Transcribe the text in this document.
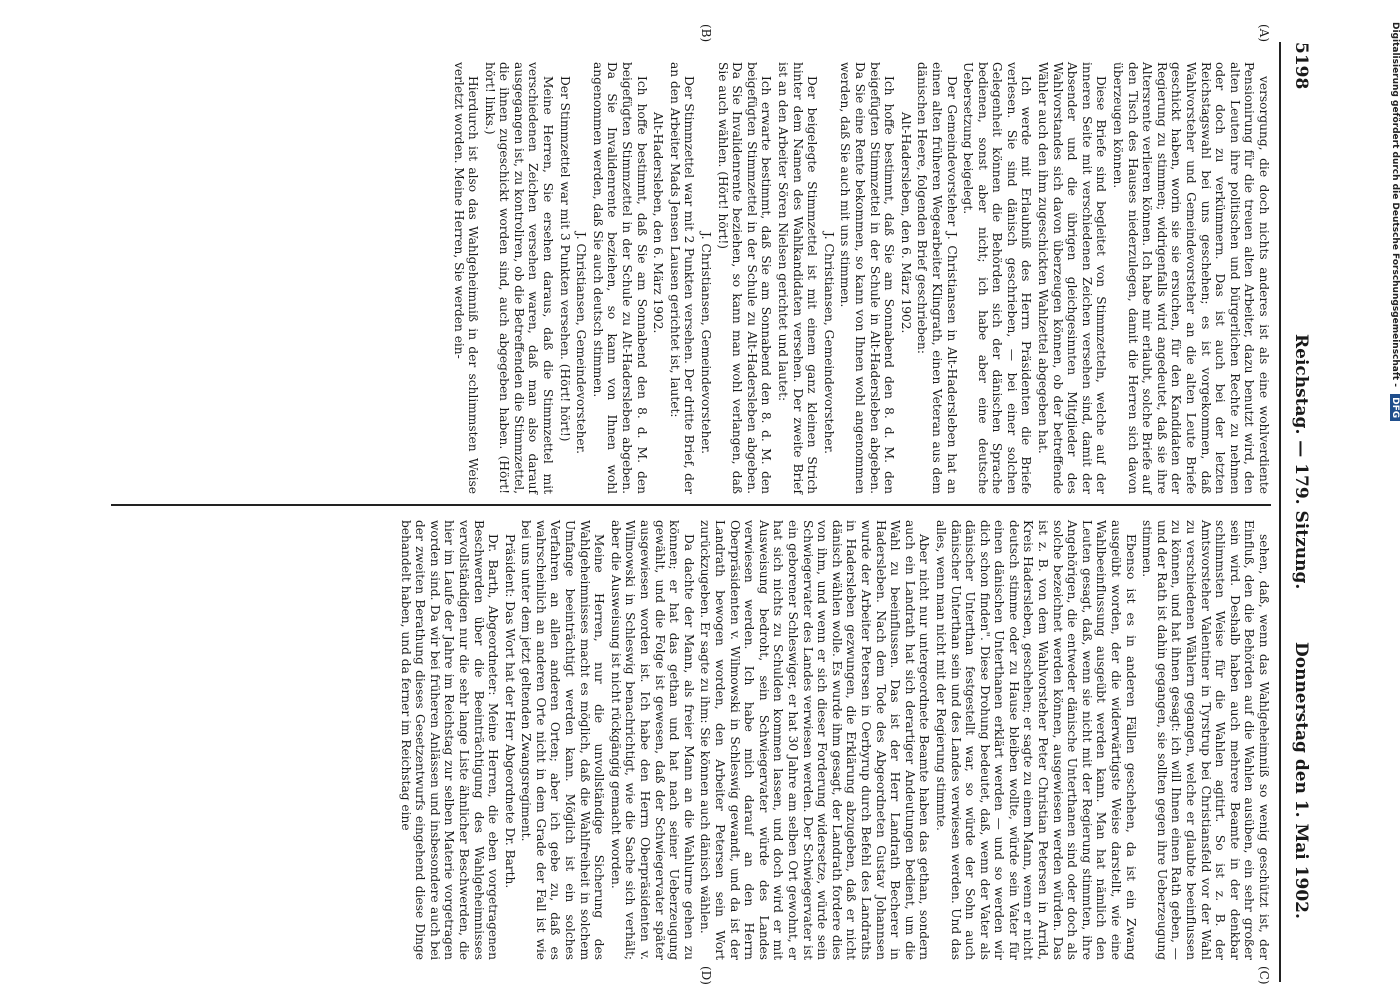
5198
Reichstag. — 179. Sitzung.
Donnerstag den 1. Mai 1902.
(A)
(B)
(C)
(D)

versorgung, die doch nichts anderes ist als eine wohlverdiente Pensionirung für die treuen alten Arbeiter, dazu benutzt wird, den alten Leuten ihre politischen und bürgerlichen Rechte zu nehmen oder doch zu verkümmern. Das ist auch bei der letzten Reichstagswahl bei uns geschehen; es ist vorgekommen, daß Wahlvorsteher und Gemeindevorsteher an die alten Leute Briefe geschickt haben, worin sie sie ersuchen, für den Kandidaten der Regierung zu stimmen; widrigenfalls wird angedeutet, daß sie ihre Altersrente verlieren können. Ich habe mir erlaubt, solche Briefe auf den Tisch des Hauses niederzulegen, damit die Herren sich davon überzeugen können.

Diese Briefe sind begleitet von Stimmzetteln, welche auf der inneren Seite mit verschiedenen Zeichen versehen sind, damit der Absender und die übrigen gleichgesinnten Mitglieder des Wahlvorstandes sich davon überzeugen können, ob der betreffende Wähler auch den ihm zugeschickten Wahlzettel abgegeben hat.

Ich werde mit Erlaubniß des Herrn Präsidenten die Briefe verlesen. Sie sind dänisch geschrieben, — bei einer solchen Gelegenheit können die Behörden sich der dänischen Sprache bedienen, sonst aber nicht; ich habe aber eine deutsche Uebersetzung beigelegt.

Der Gemeindevorsteher J. Christiansen in Alt-Hadersleben hat an einen alten früheren Wegearbeiter Klingrath, einen Veteran aus dem dänischen Heere, folgenden Brief geschrieben:

Alt-Hadersleben, den 6. März 1902.

Ich hoffe bestimmt, daß Sie am Sonnabend den 8. d. M. den beigefügten Stimmzettel in der Schule in Alt-Hadersleben abgeben. Da Sie eine Rente bekommen, so kann von Ihnen wohl angenommen werden, daß Sie auch mit uns stimmen.

J. Christiansen, Gemeindevorsteher.

Der beigelegte Stimmzettel ist mit einem ganz kleinen Strich hinter dem Namen des Wahlkandidaten versehen. Der zweite Brief ist an den Arbeiter Sören Nielsen gerichtet und lautet:

Ich erwarte bestimmt, daß Sie am Sonnabend den 8. d. M. den beigefügten Stimmzettel in der Schule zu Alt-Hadersleben abgeben. Da Sie Invalidenrente beziehen, so kann man wohl verlangen, daß Sie auch wählen. (Hört! hört!)

J. Christiansen, Gemeindevorsteher.

Der Stimmzettel war mit 2 Punkten versehen. Der dritte Brief, der an den Arbeiter Mads Jensen Lausen gerichtet ist, lautet:

Alt-Hadersleben, den 6. März 1902.

Ich hoffe bestimmt, daß Sie am Sonnabend den 8. d. M. den beigefügten Stimmzettel in der Schule zu Alt-Hadersleben abgeben. Da Sie Invalidenrente beziehen, so kann von Ihnen wohl angenommen werden, daß Sie auch deutsch stimmen.

J. Christiansen, Gemeindevorsteher.

Der Stimmzettel war mit 3 Punkten versehen. (Hört! hört!)

Meine Herren, Sie ersehen daraus, daß die Stimmzettel mit verschiedenen Zeichen versehen waren, daß man also darauf ausgegangen ist, zu kontroliren, ob die Betreffenden die Stimmzettel, die ihnen zugeschickt worden sind, auch abgegeben haben. (Hört! hört! links.)

Hierdurch ist also das Wahlgeheimniß in der schlimmsten Weise verletzt worden. Meine Herren, Sie werden ein-

sehen, daß, wenn das Wahlgeheimniß so wenig geschützt ist, der Einfluß, den die Behörden auf die Wahlen ausüben, ein sehr großer sein wird. Deshalb haben auch mehrere Beamte in der denkbar schlimmsten Weise für die Wahlen agitirt. So ist z. B. der Amtsvorsteher Valentiner in Tyrstrup bei Christiansfeld vor der Wahl zu verschiedenen Wählern gegangen, welche er glaubte beeinflussen zu können, und hat ihnen gesagt: ich will Ihnen einen Rath geben, — und der Rath ist dahin gegangen, sie sollten gegen ihre Ueberzeugung stimmen.

Ebenso ist es in anderen Fällen geschehen, da ist ein Zwang ausgeübt worden, der die widerwärtigste Weise darstellt, wie eine Wahlbeeinflussung ausgeübt werden kann. Man hat nämlich den Leuten gesagt, daß, wenn sie nicht mit der Regierung stimmten, ihre Angehörigen, die entweder dänische Unterthanen sind oder doch als solche bezeichnet werden können, ausgewiesen werden würden. Das ist z. B. von dem Wahlvorsteher Peter Christian Petersen in Arrild, Kreis Hadersleben, geschehen; er sagte zu einem Mann, wenn er nicht deutsch stimme oder zu Hause bleiben wollte, würde sein Vater für einen dänischen Unterthanen erklärt werden — und so werden wir dich schon finden". Diese Drohung bedeutet, daß, wenn der Vater als dänischer Unterthan festgestellt war, so würde der Sohn auch dänischer Unterthan sein und des Landes verwiesen werden. Und das alles, wenn man nicht mit der Regierung stimmte.

Aber nicht nur untergeordnete Beamte haben das gethan, sondern auch ein Landrath hat sich derartiger Andeutungen bedient, um die Wahl zu beeinflussen. Das ist der Herr Landrath Becherer in Hadersleben. Nach dem Tode des Abgeordneten Gustav Johannsen wurde der Arbeiter Petersen in Oerbyrup durch Befehl des Landraths in Hadersleben gezwungen, die Erklärung abzugeben, daß er nicht dänisch wählen wolle. Es wurde ihm gesagt, der Landrath fordere dies von ihm, und wenn er sich dieser Forderung widersetze, würde sein Schwiegervater des Landes verwiesen werden. Der Schwiegervater ist ein geborener Schleswiger, er hat 30 Jahre am selben Ort gewohnt, er hat sich nichts zu Schulden kommen lassen, und doch wird er mit Ausweisung bedroht, sein Schwiegervater würde des Landes verwiesen werden. Ich habe mich darauf an den Herrn Oberpräsidenten v. Wilmowski in Schleswig gewandt, und da ist der Landrath bewogen worden, den Arbeiter Petersen sein Wort zurückzugeben. Er sagte zu ihm: Sie können auch dänisch wählen.

Da dachte der Mann, als freier Mann an die Wahlurne gehen zu können; er hat das gethan und hat nach seiner Ueberzeugung gewählt, und die Folge ist gewesen, daß der Schwiegervater später ausgewiesen worden ist. Ich habe den Herrn Oberpräsidenten v. Wilmowski in Schleswig benachrichtigt, wie die Sache sich verhält; aber die Ausweisung ist nicht rückgängig gemacht worden.

Meine Herren, nur die unvollständige Sicherung des Wahlgeheimnisses macht es möglich, daß die Wahlfreiheit in solchem Umfange beeinträchtigt werden kann. Möglich ist ein solches Verfahren an allen anderen Orten; aber ich gebe zu, daß es wahrscheinlich an anderen Orte nicht in dem Grade der Fall ist wie bei uns unter dem jetzt geltenden Zwangsregiment.

Präsident: Das Wort hat der Herr Abgeordnete Dr. Barth.

Dr. Barth, Abgeordneter: Meine Herren, die eben vorgetragenen Beschwerden über die Beeinträchtigung des Wahlgeheimnisses vervollständigen nur die sehr lange Liste ähnlicher Beschwerden, die hier im Laufe der Jahre im Reichstag zur selben Materie vorgetragen worden sind. Da wir bei früheren Anlässen und insbesondere auch bei der zweiten Berathung dieses Gesetzentwurfs eingehend diese Dinge behandelt haben, und da ferner im Reichstag eine

Digitalisierung gefördert durch die Deutsche Forschungsgemeinschaft - DFG
